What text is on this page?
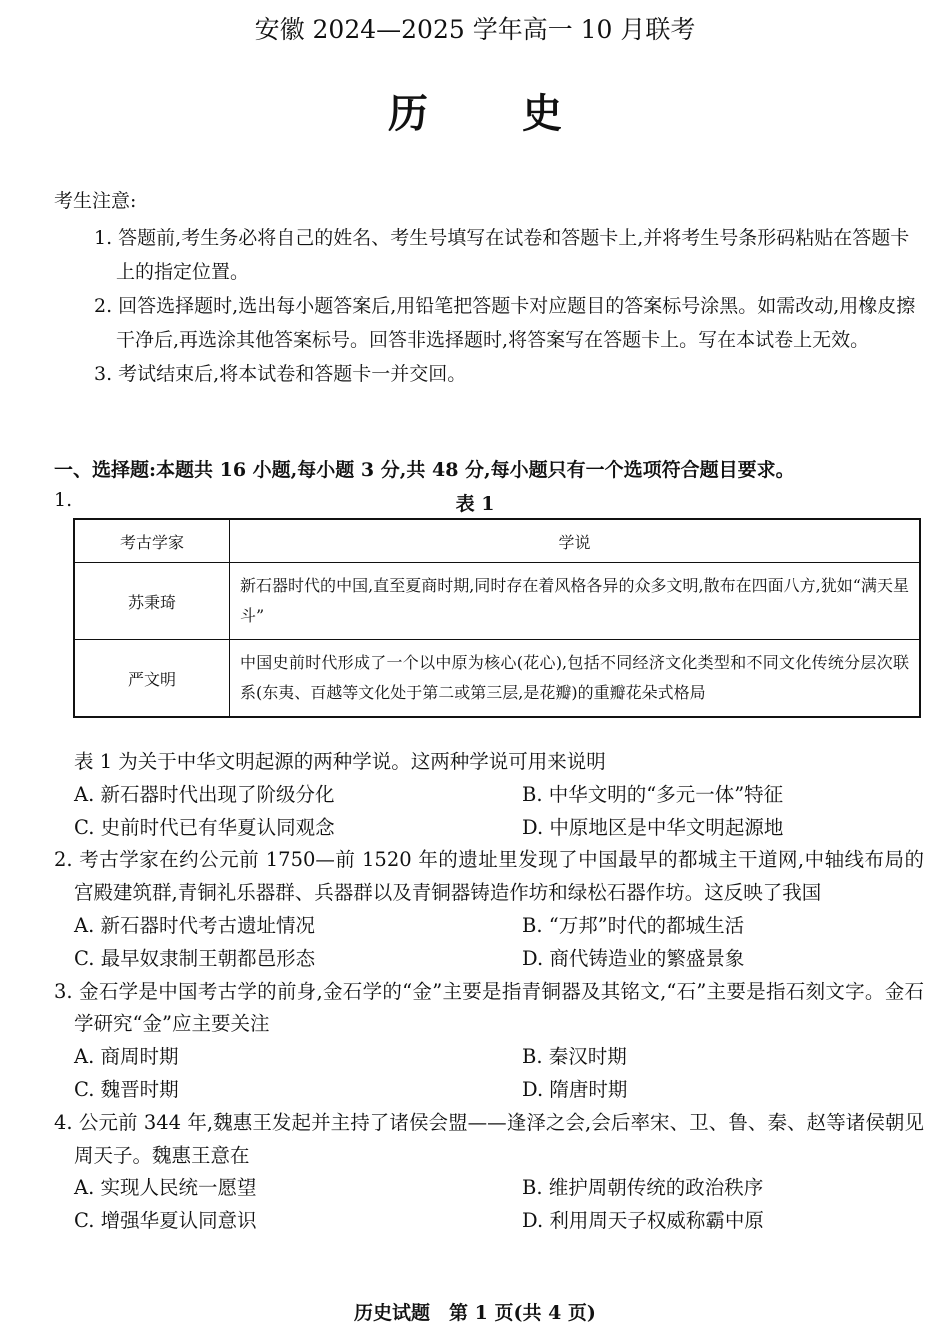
安徽 2024—2025 学年高一 10 月联考
历 史
考生注意:
1. 答题前,考生务必将自己的姓名、考生号填写在试卷和答题卡上,并将考生号条形码粘贴在答题卡上的指定位置。
2. 回答选择题时,选出每小题答案后,用铅笔把答题卡对应题目的答案标号涂黑。如需改动,用橡皮擦干净后,再选涂其他答案标号。回答非选择题时,将答案写在答题卡上。写在本试卷上无效。
3. 考试结束后,将本试卷和答题卡一并交回。
一、选择题:本题共 16 小题,每小题 3 分,共 48 分,每小题只有一个选项符合题目要求。
1.	表 1
考古学家	学说
苏秉琦	新石器时代的中国,直至夏商时期,同时存在着风格各异的众多文明,散布在四面八方,犹如“满天星斗”
严文明	中国史前时代形成了一个以中原为核心(花心),包括不同经济文化类型和不同文化传统分层次联系(东夷、百越等文化处于第二或第三层,是花瓣)的重瓣花朵式格局
表 1 为关于中华文明起源的两种学说。这两种学说可用来说明
A. 新石器时代出现了阶级分化	B. 中华文明的“多元一体”特征
C. 史前时代已有华夏认同观念	D. 中原地区是中华文明起源地
2. 考古学家在约公元前 1750—前 1520 年的遗址里发现了中国最早的都城主干道网,中轴线布局的宫殿建筑群,青铜礼乐器群、兵器群以及青铜器铸造作坊和绿松石器作坊。这反映了我国
A. 新石器时代考古遗址情况	B. “万邦”时代的都城生活
C. 最早奴隶制王朝都邑形态	D. 商代铸造业的繁盛景象
3. 金石学是中国考古学的前身,金石学的“金”主要是指青铜器及其铭文,“石”主要是指石刻文字。金石学研究“金”应主要关注
A. 商周时期	B. 秦汉时期
C. 魏晋时期	D. 隋唐时期
4. 公元前 344 年,魏惠王发起并主持了诸侯会盟——逢泽之会,会后率宋、卫、鲁、秦、赵等诸侯朝见周天子。魏惠王意在
A. 实现人民统一愿望	B. 维护周朝传统的政治秩序
C. 增强华夏认同意识	D. 利用周天子权威称霸中原
历史试题　第 1 页(共 4 页)
